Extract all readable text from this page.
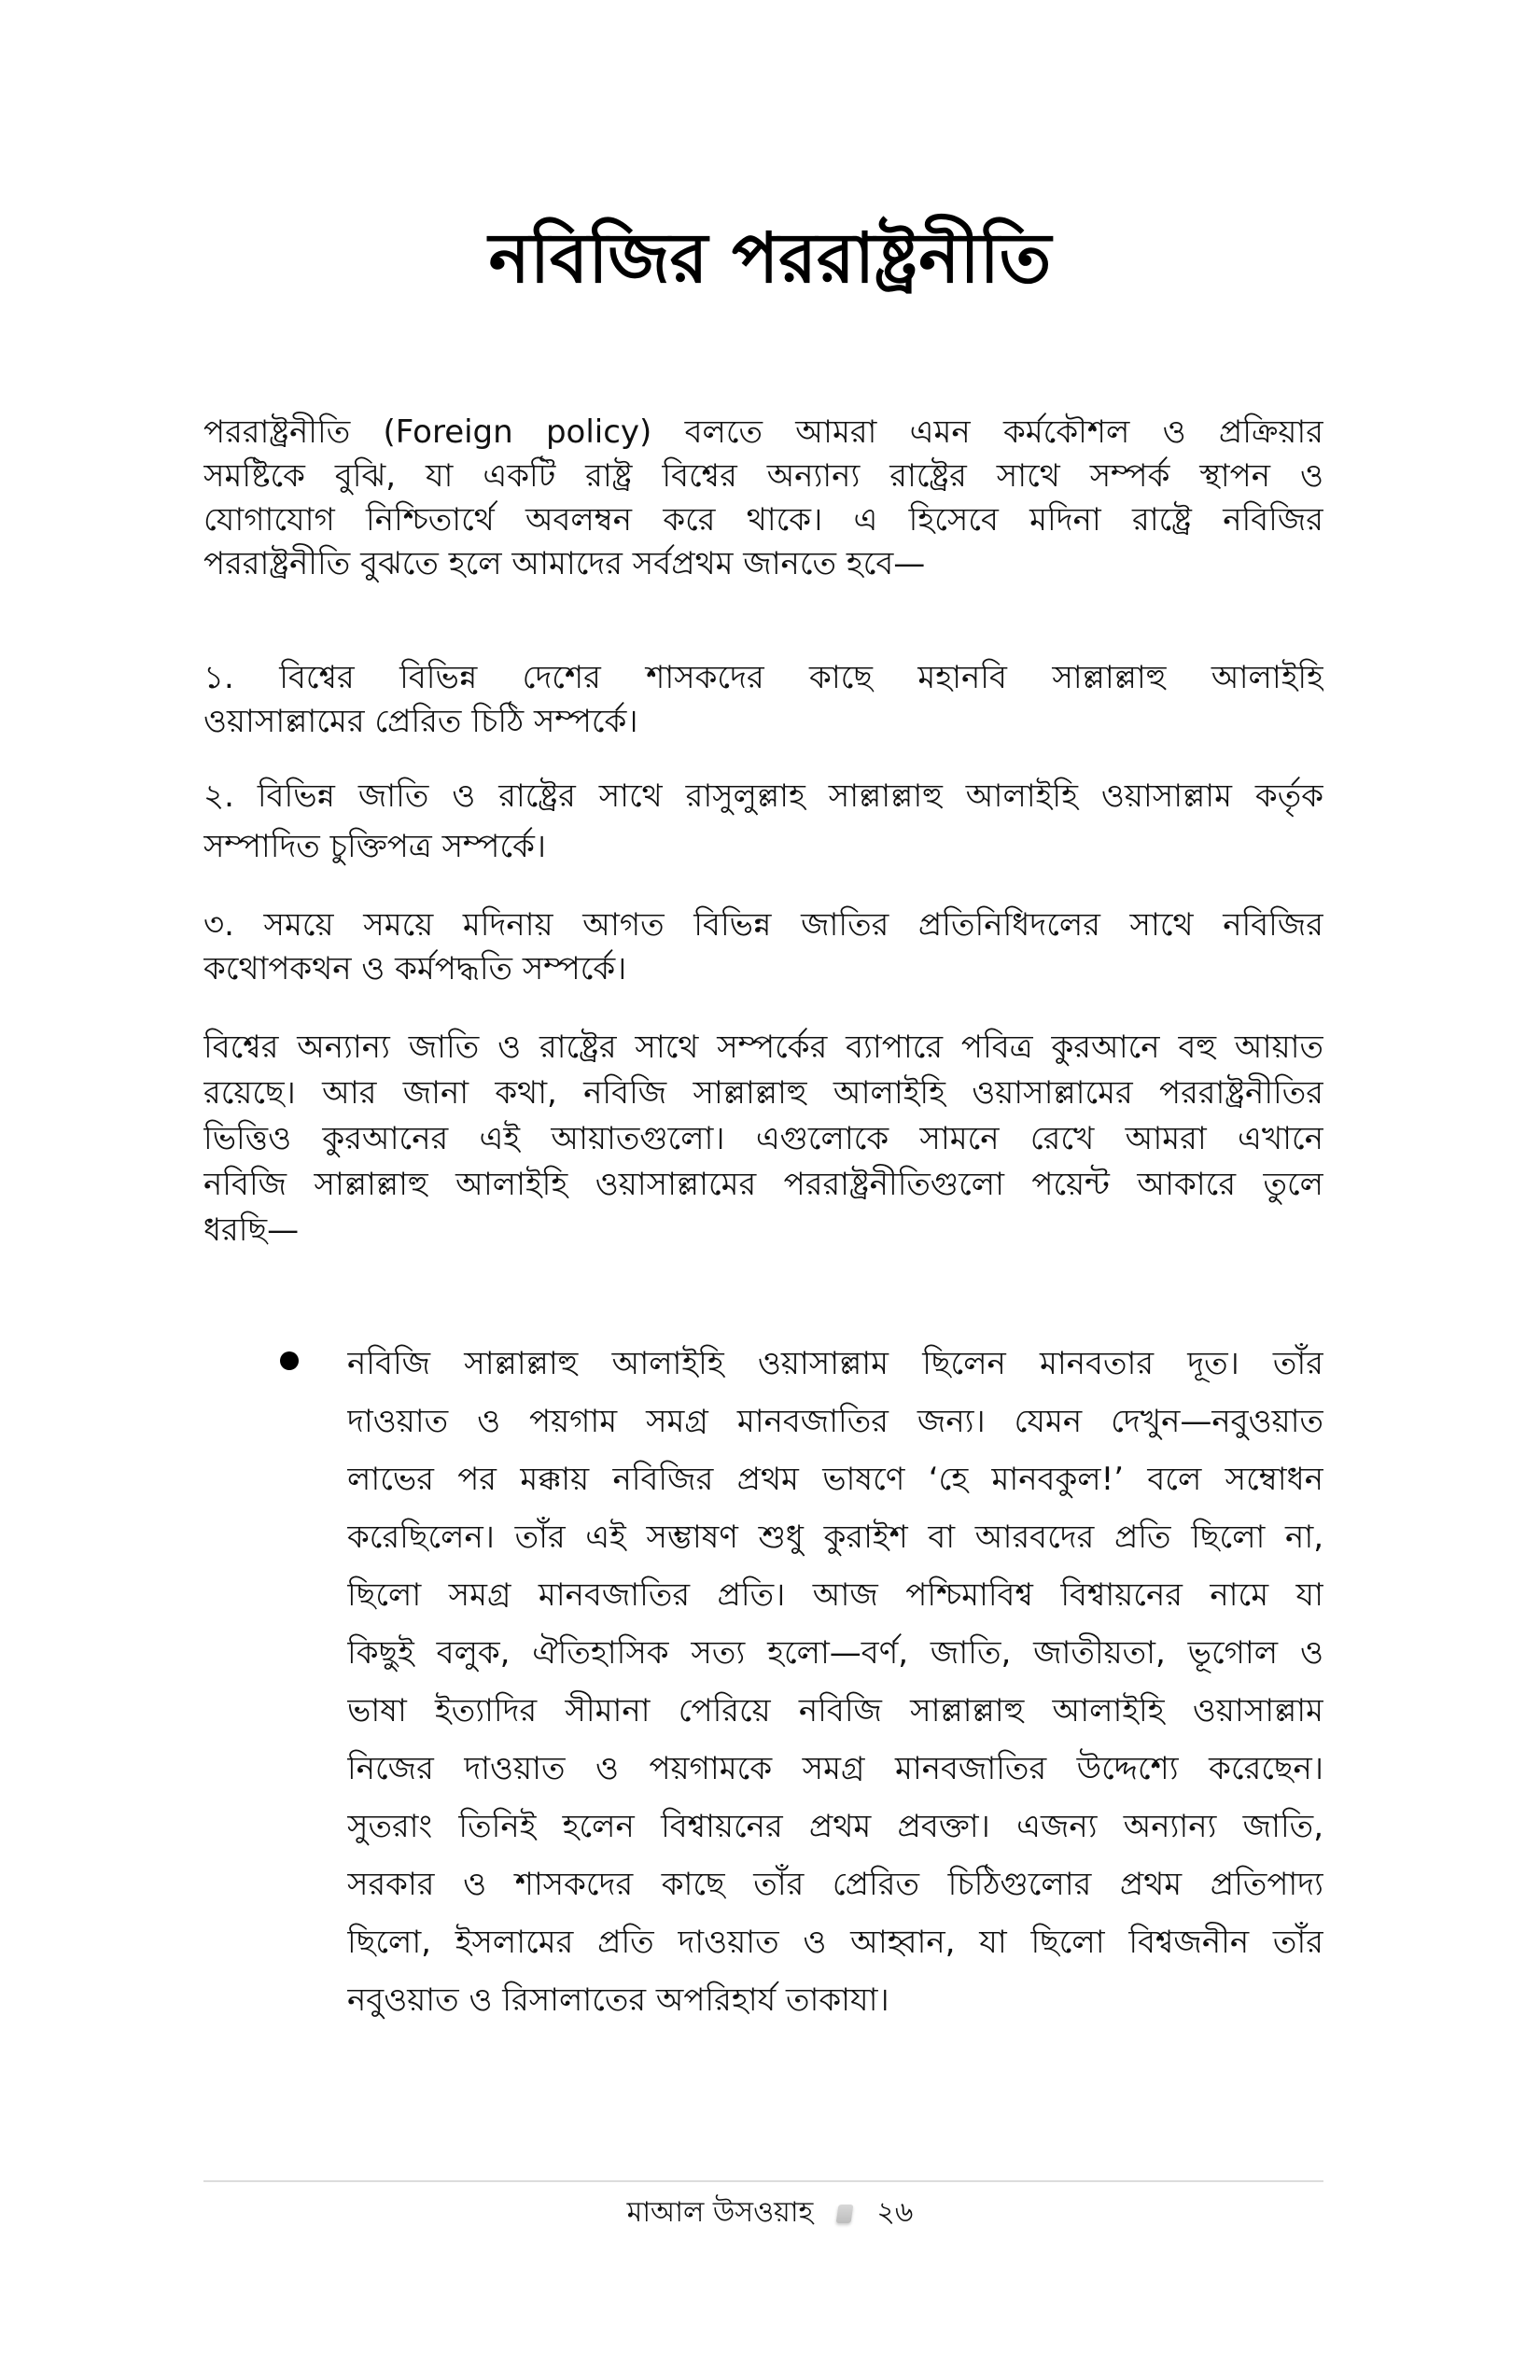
নবিজির পররাষ্ট্রনীতি
পররাষ্ট্রনীতি (Foreign policy) বলতে আমরা এমন কর্মকৌশল ও প্রক্রিয়ার
সমষ্টিকে বুঝি, যা একটি রাষ্ট্র বিশ্বের অন্যান্য রাষ্ট্রের সাথে সম্পর্ক স্থাপন ও
যোগাযোগ নিশ্চিতার্থে অবলম্বন করে থাকে। এ হিসেবে মদিনা রাষ্ট্রে নবিজির
পররাষ্ট্রনীতি বুঝতে হলে আমাদের সর্বপ্রথম জানতে হবে—
১. বিশ্বের বিভিন্ন দেশের শাসকদের কাছে মহানবি সাল্লাল্লাহু আলাইহি
ওয়াসাল্লামের প্রেরিত চিঠি সম্পর্কে।
২. বিভিন্ন জাতি ও রাষ্ট্রের সাথে রাসুলুল্লাহ সাল্লাল্লাহু আলাইহি ওয়াসাল্লাম কর্তৃক
সম্পাদিত চুক্তিপত্র সম্পর্কে।
৩. সময়ে সময়ে মদিনায় আগত বিভিন্ন জাতির প্রতিনিধিদলের সাথে নবিজির
কথোপকথন ও কর্মপদ্ধতি সম্পর্কে।
বিশ্বের অন্যান্য জাতি ও রাষ্ট্রের সাথে সম্পর্কের ব্যাপারে পবিত্র কুরআনে বহু আয়াত
রয়েছে। আর জানা কথা, নবিজি সাল্লাল্লাহু আলাইহি ওয়াসাল্লামের পররাষ্ট্রনীতির
ভিত্তিও কুরআনের এই আয়াতগুলো। এগুলোকে সামনে রেখে আমরা এখানে
নবিজি সাল্লাল্লাহু আলাইহি ওয়াসাল্লামের পররাষ্ট্রনীতিগুলো পয়েন্ট আকারে তুলে
ধরছি—
নবিজি সাল্লাল্লাহু আলাইহি ওয়াসাল্লাম ছিলেন মানবতার দূত। তাঁর
দাওয়াত ও পয়গাম সমগ্র মানবজাতির জন্য। যেমন দেখুন—নবুওয়াত
লাভের পর মক্কায় নবিজির প্রথম ভাষণে ‘হে মানবকুল!’ বলে সম্বোধন
করেছিলেন। তাঁর এই সম্ভাষণ শুধু কুরাইশ বা আরবদের প্রতি ছিলো না,
ছিলো সমগ্র মানবজাতির প্রতি। আজ পশ্চিমাবিশ্ব বিশ্বায়নের নামে যা
কিছুই বলুক, ঐতিহাসিক সত্য হলো—বর্ণ, জাতি, জাতীয়তা, ভূগোল ও
ভাষা ইত্যাদির সীমানা পেরিয়ে নবিজি সাল্লাল্লাহু আলাইহি ওয়াসাল্লাম
নিজের দাওয়াত ও পয়গামকে সমগ্র মানবজাতির উদ্দেশ্যে করেছেন।
সুতরাং তিনিই হলেন বিশ্বায়নের প্রথম প্রবক্তা। এজন্য অন্যান্য জাতি,
সরকার ও শাসকদের কাছে তাঁর প্রেরিত চিঠিগুলোর প্রথম প্রতিপাদ্য
ছিলো, ইসলামের প্রতি দাওয়াত ও আহ্বান, যা ছিলো বিশ্বজনীন তাঁর
নবুওয়াত ও রিসালাতের অপরিহার্য তাকাযা।
মাআল উসওয়াহ ২৬
